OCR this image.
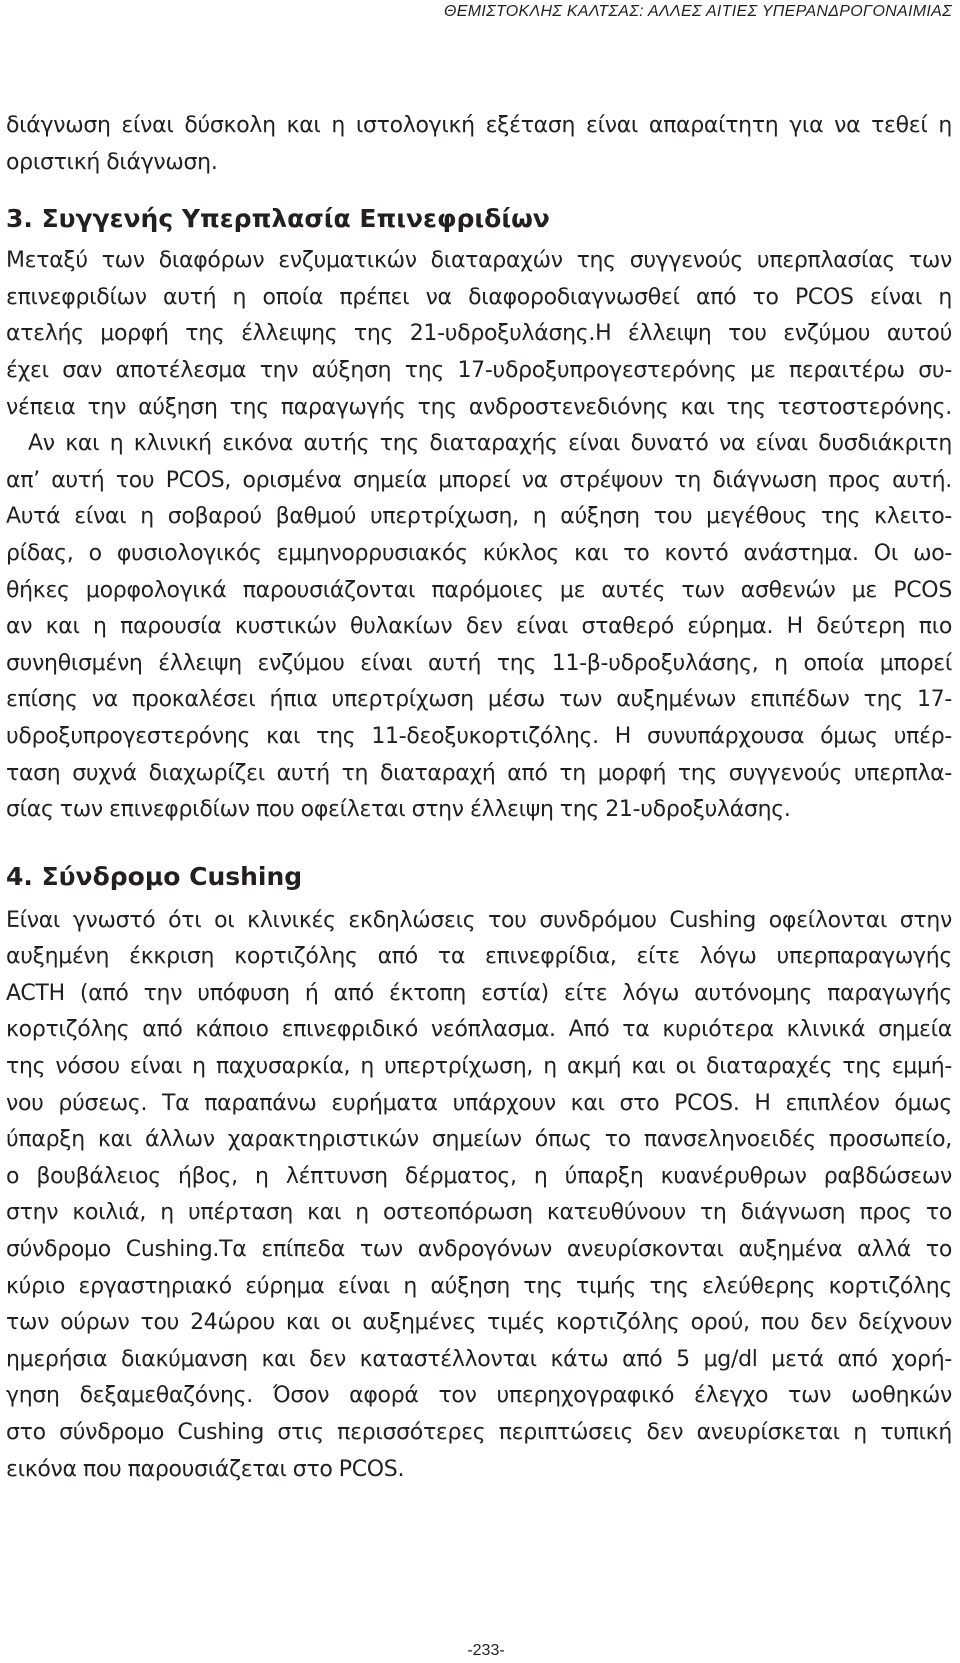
ΘΕΜΙΣΤΟΚΛΗΣ ΚΑΛΤΣΑΣ: ΑΛΛΕΣ ΑΙΤΙΕΣ ΥΠΕΡΑΝΔΡΟΓΟΝΑΙΜΙΑΣ
διάγνωση είναι δύσκολη και η ιστολογική εξέταση είναι απαραίτητη για να τεθεί η
οριστική διάγνωση.
3. Συγγενής Υπερπλασία Επινεφριδίων
Μεταξύ των διαφόρων ενζυματικών διαταραχών της συγγενούς υπερπλασίας των
επινεφριδίων αυτή η οποία πρέπει να διαφοροδιαγνωσθεί από το PCOS είναι η
ατελής μορφή της έλλειψης της 21-υδροξυλάσης.Η έλλειψη του ενζύμου αυτού
έχει σαν αποτέλεσμα την αύξηση της 17-υδροξυπρογεστερόνης με περαιτέρω συ-
νέπεια την αύξηση της παραγωγής της ανδροστενεδιόνης και της τεστοστερόνης.
Αν και η κλινική εικόνα αυτής της διαταραχής είναι δυνατό να είναι δυσδιάκριτη
απ’ αυτή του PCOS, ορισμένα σημεία μπορεί να στρέψουν τη διάγνωση προς αυτή.
Αυτά είναι η σοβαρού βαθμού υπερτρίχωση, η αύξηση του μεγέθους της κλειτο-
ρίδας, ο φυσιολογικός εμμηνορρυσιακός κύκλος και το κοντό ανάστημα. Οι ωο-
θήκες μορφολογικά παρουσιάζονται παρόμοιες με αυτές των ασθενών με PCOS
αν και η παρουσία κυστικών θυλακίων δεν είναι σταθερό εύρημα. Η δεύτερη πιο
συνηθισμένη έλλειψη ενζύμου είναι αυτή της 11-β-υδροξυλάσης, η οποία μπορεί
επίσης να προκαλέσει ήπια υπερτρίχωση μέσω των αυξημένων επιπέδων της 17-
υδροξυπρογεστερόνης και της 11-δεοξυκορτιζόλης. Η συνυπάρχουσα όμως υπέρ-
ταση συχνά διαχωρίζει αυτή τη διαταραχή από τη μορφή της συγγενούς υπερπλα-
σίας των επινεφριδίων που οφείλεται στην έλλειψη της 21-υδροξυλάσης.
4. Σύνδρομο Cushing
Είναι γνωστό ότι οι κλινικές εκδηλώσεις του συνδρόμου Cushing οφείλονται στην
αυξημένη έκκριση κορτιζόλης από τα επινεφρίδια, είτε λόγω υπερπαραγωγής
ACTH (από την υπόφυση ή από έκτοπη εστία) είτε λόγω αυτόνομης παραγωγής
κορτιζόλης από κάποιο επινεφριδικό νεόπλασμα. Από τα κυριότερα κλινικά σημεία
της νόσου είναι η παχυσαρκία, η υπερτρίχωση, η ακμή και οι διαταραχές της εμμή-
νου ρύσεως. Τα παραπάνω ευρήματα υπάρχουν και στο PCOS. Η επιπλέον όμως
ύπαρξη και άλλων χαρακτηριστικών σημείων όπως το πανσεληνοειδές προσωπείο,
ο βουβάλειος ήβος, η λέπτυνση δέρματος, η ύπαρξη κυανέρυθρων ραβδώσεων
στην κοιλιά, η υπέρταση και η οστεοπόρωση κατευθύνουν τη διάγνωση προς το
σύνδρομο Cushing.Τα επίπεδα των ανδρογόνων ανευρίσκονται αυξημένα αλλά το
κύριο εργαστηριακό εύρημα είναι η αύξηση της τιμής της ελεύθερης κορτιζόλης
των ούρων του 24ώρου και οι αυξημένες τιμές κορτιζόλης ορού, που δεν δείχνουν
ημερήσια διακύμανση και δεν καταστέλλονται κάτω από 5 μg/dl μετά από χορή-
γηση δεξαμεθαζόνης. Όσον αφορά τον υπερηχογραφικό έλεγχο των ωοθηκών
στο σύνδρομο Cushing στις περισσότερες περιπτώσεις δεν ανευρίσκεται η τυπική
εικόνα που παρουσιάζεται στο PCOS.
-233-
